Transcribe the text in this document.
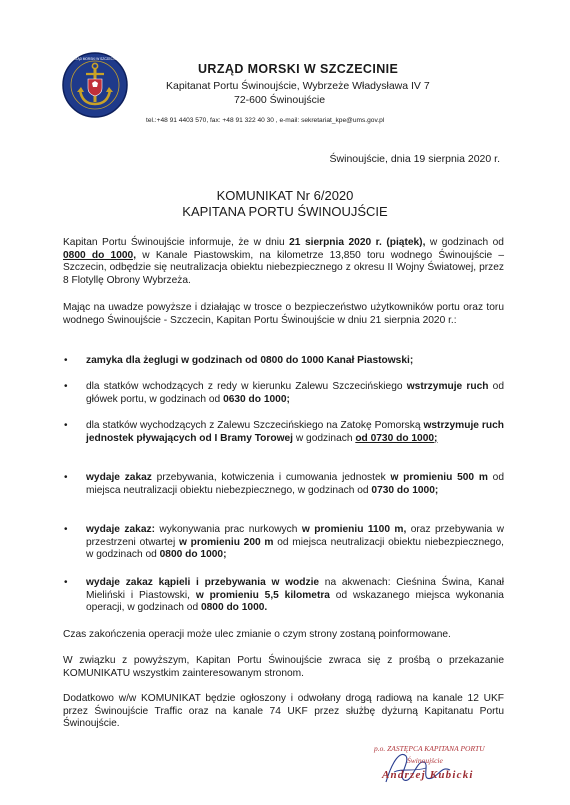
URZĄD MORSKI W SZCZECINIE
URZĄD MORSKI W SZCZECINIE
Kapitanat Portu Świnoujście, Wybrzeże Władysława IV 7
72-600 Świnoujście
tel.:+48 91 4403 570, fax: +48 91 322 40 30 , e-mail: sekretariat_kpe@ums.gov.pl
Świnoujście, dnia 19 sierpnia 2020 r.
KOMUNIKAT Nr 6/2020
KAPITANA PORTU ŚWINOUJŚCIE
Kapitan Portu Świnoujście informuje, że w dniu 21 sierpnia 2020 r. (piątek), w godzinach od 0800 do 1000, w Kanale Piastowskim, na kilometrze 13,850 toru wodnego Świnoujście – Szczecin, odbędzie się neutralizacja obiektu niebezpiecznego z okresu II Wojny Światowej, przez 8 Flotyllę Obrony Wybrzeża.
Mając na uwadze powyższe i działając w trosce o bezpieczeństwo użytkowników portu oraz toru wodnego Świnoujście - Szczecin, Kapitan Portu Świnoujście w dniu 21 sierpnia 2020 r.:
• zamyka dla żeglugi w godzinach od 0800 do 1000 Kanał Piastowski;
• dla statków wchodzących z redy w kierunku Zalewu Szczecińskiego wstrzymuje ruch od główek portu, w godzinach od 0630 do 1000;
• dla statków wychodzących z Zalewu Szczecińskiego na Zatokę Pomorską wstrzymuje ruch jednostek pływających od I Bramy Torowej w godzinach od 0730 do 1000;
• wydaje zakaz przebywania, kotwiczenia i cumowania jednostek w promieniu 500 m od miejsca neutralizacji obiektu niebezpiecznego, w godzinach od 0730 do 1000;
• wydaje zakaz: wykonywania prac nurkowych w promieniu 1100 m, oraz przebywania w przestrzeni otwartej w promieniu 200 m od miejsca neutralizacji obiektu niebezpiecznego, w godzinach od 0800 do 1000;
• wydaje zakaz kąpieli i przebywania w wodzie na akwenach: Cieśnina Świna, Kanał Mieliński i Piastowski, w promieniu 5,5 kilometra od wskazanego miejsca wykonania operacji, w godzinach od 0800 do 1000.
Czas zakończenia operacji może ulec zmianie o czym strony zostaną poinformowane.
W związku z powyższym, Kapitan Portu Świnoujście zwraca się z prośbą o przekazanie KOMUNIKATU wszystkim zainteresowanym stronom.
Dodatkowo w/w KOMUNIKAT będzie ogłoszony i odwołany drogą radiową na kanale 12 UKF przez Świnoujście Traffic oraz na kanale 74 UKF przez służbę dyżurną Kapitanatu Portu Świnoujście.
p.o. ZASTĘPCA KAPITANA PORTU
Świnoujście
Andrzej Kubicki
